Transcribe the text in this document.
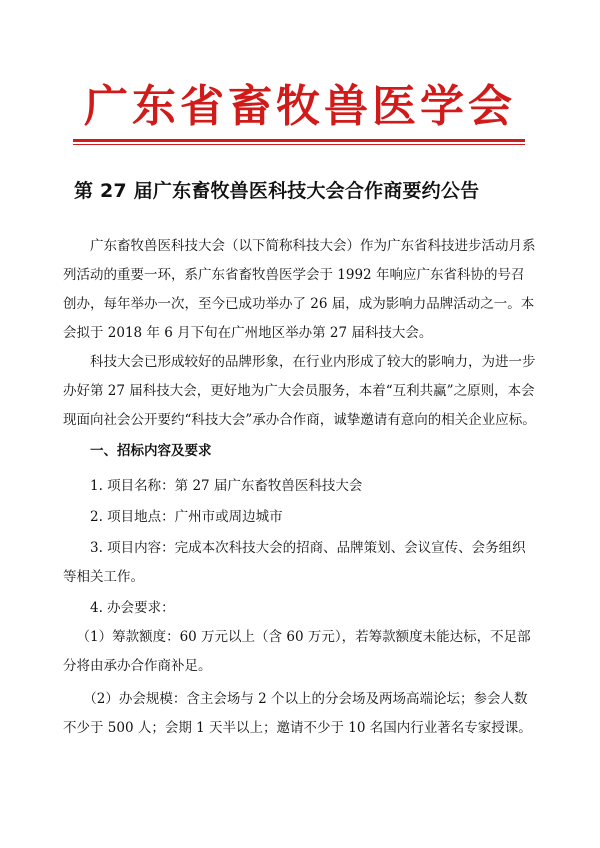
广东省畜牧兽医学会
第 27 届广东畜牧兽医科技大会合作商要约公告

广东畜牧兽医科技大会（以下简称科技大会）作为广东省科技进步活动月系列活动的重要一环，系广东省畜牧兽医学会于 1992 年响应广东省科协的号召创办，每年举办一次，至今已成功举办了 26 届，成为影响力品牌活动之一。本会拟于 2018 年 6 月下旬在广州地区举办第 27 届科技大会。

科技大会已形成较好的品牌形象，在行业内形成了较大的影响力，为进一步办好第 27 届科技大会，更好地为广大会员服务，本着“互利共赢”之原则，本会现面向社会公开要约“科技大会”承办合作商，诚挚邀请有意向的相关企业应标。

一、招标内容及要求

1. 项目名称：第 27 届广东畜牧兽医科技大会

2. 项目地点：广州市或周边城市

3. 项目内容：完成本次科技大会的招商、品牌策划、会议宣传、会务组织等相关工作。

4. 办会要求：

（1）筹款额度：60 万元以上（含 60 万元），若筹款额度未能达标，不足部分将由承办合作商补足。

（2）办会规模：含主会场与 2 个以上的分会场及两场高端论坛；参会人数不少于 500 人；会期 1 天半以上；邀请不少于 10 名国内行业著名专家授课。
